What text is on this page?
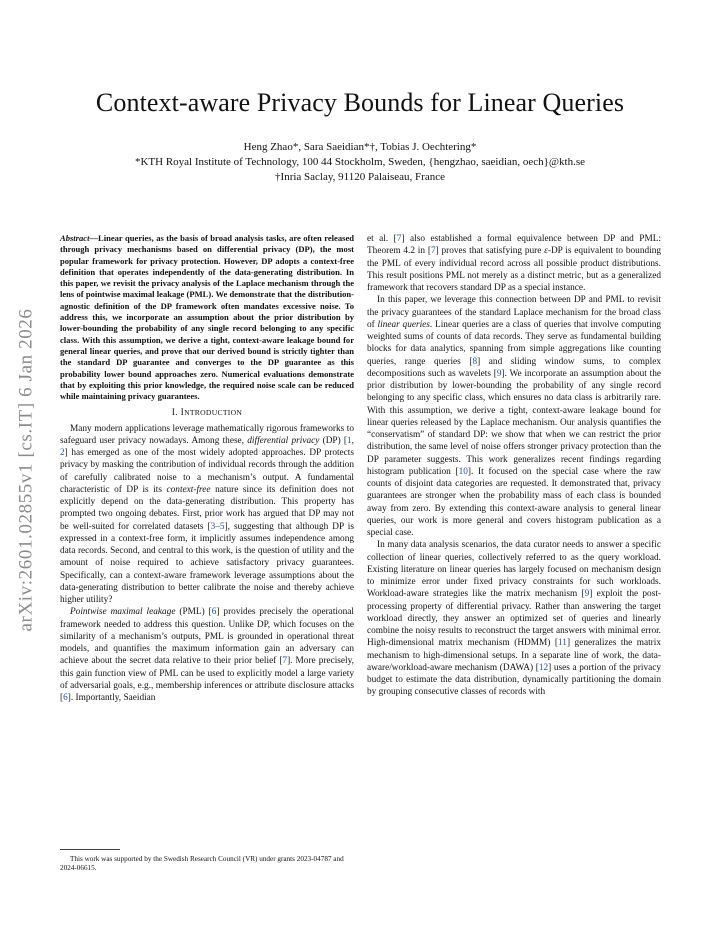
arXiv:2601.02855v1 [cs.IT] 6 Jan 2026
Context-aware Privacy Bounds for Linear Queries
Heng Zhao*, Sara Saeidian*†, Tobias J. Oechtering*
*KTH Royal Institute of Technology, 100 44 Stockholm, Sweden, {hengzhao, saeidian, oech}@kth.se
†Inria Saclay, 91120 Palaiseau, France

Abstract—Linear queries, as the basis of broad analysis tasks, are often released through privacy mechanisms based on differential privacy (DP), the most popular framework for privacy protection. However, DP adopts a context-free definition that operates independently of the data-generating distribution. In this paper, we revisit the privacy analysis of the Laplace mechanism through the lens of pointwise maximal leakage (PML). We demonstrate that the distribution-agnostic definition of the DP framework often mandates excessive noise. To address this, we incorporate an assumption about the prior distribution by lower-bounding the probability of any single record belonging to any specific class. With this assumption, we derive a tight, context-aware leakage bound for general linear queries, and prove that our derived bound is strictly tighter than the standard DP guarantee and converges to the DP guarantee as this probability lower bound approaches zero. Numerical evaluations demonstrate that by exploiting this prior knowledge, the required noise scale can be reduced while maintaining privacy guarantees.

I. INTRODUCTION

Many modern applications leverage mathematically rigorous frameworks to safeguard user privacy nowadays. Among these, differential privacy (DP) [1, 2] has emerged as one of the most widely adopted approaches. DP protects privacy by masking the contribution of individual records through the addition of carefully calibrated noise to a mechanism’s output. A fundamental characteristic of DP is its context-free nature since its definition does not explicitly depend on the data-generating distribution. This property has prompted two ongoing debates. First, prior work has argued that DP may not be well-suited for correlated datasets [3–5], suggesting that although DP is expressed in a context-free form, it implicitly assumes independence among data records. Second, and central to this work, is the question of utility and the amount of noise required to achieve satisfactory privacy guarantees. Specifically, can a context-aware framework leverage assumptions about the data-generating distribution to better calibrate the noise and thereby achieve higher utility?

Pointwise maximal leakage (PML) [6] provides precisely the operational framework needed to address this question. Unlike DP, which focuses on the similarity of a mechanism’s outputs, PML is grounded in operational threat models, and quantifies the maximum information gain an adversary can achieve about the secret data relative to their prior belief [7]. More precisely, this gain function view of PML can be used to explicitly model a large variety of adversarial goals, e.g., membership inferences or attribute disclosure attacks [6]. Importantly, Saeidian

This work was supported by the Swedish Research Council (VR) under grants 2023-04787 and 2024-06615.

et al. [7] also established a formal equivalence between DP and PML: Theorem 4.2 in [7] proves that satisfying pure ε-DP is equivalent to bounding the PML of every individual record across all possible product distributions. This result positions PML not merely as a distinct metric, but as a generalized framework that recovers standard DP as a special instance.

In this paper, we leverage this connection between DP and PML to revisit the privacy guarantees of the standard Laplace mechanism for the broad class of linear queries. Linear queries are a class of queries that involve computing weighted sums of counts of data records. They serve as fundamental building blocks for data analytics, spanning from simple aggregations like counting queries, range queries [8] and sliding window sums, to complex decompositions such as wavelets [9]. We incorporate an assumption about the prior distribution by lower-bounding the probability of any single record belonging to any specific class, which ensures no data class is arbitrarily rare. With this assumption, we derive a tight, context-aware leakage bound for linear queries released by the Laplace mechanism. Our analysis quantifies the “conservatism” of standard DP: we show that when we can restrict the prior distribution, the same level of noise offers stronger privacy protection than the DP parameter suggests. This work generalizes recent findings regarding histogram publication [10]. It focused on the special case where the raw counts of disjoint data categories are requested. It demonstrated that, privacy guarantees are stronger when the probability mass of each class is bounded away from zero. By extending this context-aware analysis to general linear queries, our work is more general and covers histogram publication as a special case.

In many data analysis scenarios, the data curator needs to answer a specific collection of linear queries, collectively referred to as the query workload. Existing literature on linear queries has largely focused on mechanism design to minimize error under fixed privacy constraints for such workloads. Workload-aware strategies like the matrix mechanism [9] exploit the post-processing property of differential privacy. Rather than answering the target workload directly, they answer an optimized set of queries and linearly combine the noisy results to reconstruct the target answers with minimal error. High-dimensional matrix mechanism (HDMM) [11] generalizes the matrix mechanism to high-dimensional setups. In a separate line of work, the data-aware/workload-aware mechanism (DAWA) [12] uses a portion of the privacy budget to estimate the data distribution, dynamically partitioning the domain by grouping consecutive classes of records with
